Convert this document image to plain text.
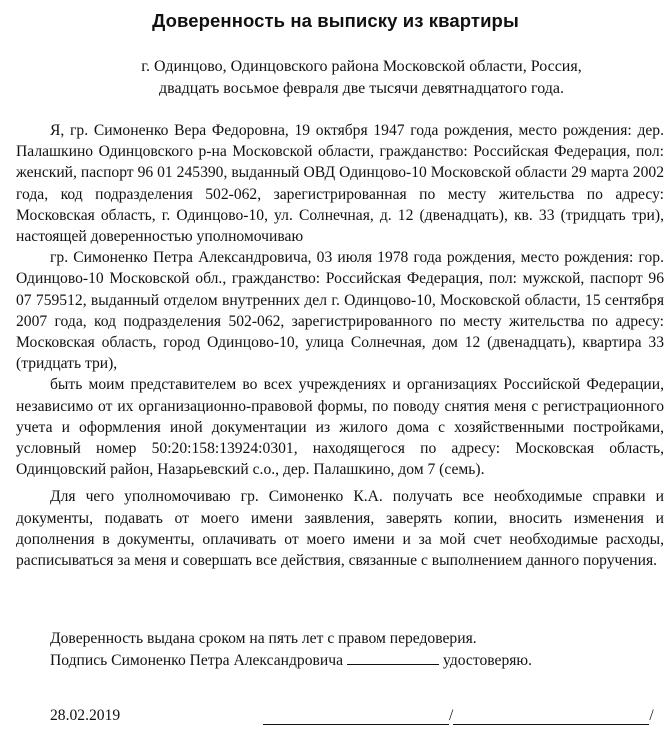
Доверенность на выписку из квартиры
г. Одинцово, Одинцовского района Московской области, Россия,
двадцать восьмое февраля две тысячи девятнадцатого года.

Я, гр. Симоненко Вера Федоровна, 19 октября 1947 года рождения, место рождения: дер. Палашкино Одинцовского р-на Московской области, гражданство: Российская Федерация, пол: женский, паспорт 96 01 245390, выданный ОВД Одинцово-10 Московской области 29 марта 2002 года, код подразделения 502-062, зарегистрированная по месту жительства по адресу: Московская область, г. Одинцово-10, ул. Солнечная, д. 12 (двенадцать), кв. 33 (тридцать три), настоящей доверенностью уполномочиваю

гр. Симоненко Петра Александровича, 03 июля 1978 года рождения, место рождения: гор. Одинцово-10 Московской обл., гражданство: Российская Федерация, пол: мужской, паспорт 96 07 759512, выданный отделом внутренних дел г. Одинцово-10, Московской области, 15 сентября 2007 года, код подразделения 502-062, зарегистрированного по месту жительства по адресу: Московская область, город Одинцово-10, улица Солнечная, дом 12 (двенадцать), квартира 33 (тридцать три),

быть моим представителем во всех учреждениях и организациях Российской Федерации, независимо от их организационно-правовой формы, по поводу снятия меня с регистрационного учета и оформления иной документации из жилого дома с хозяйственными постройками, условный номер 50:20:158:13924:0301, находящегося по адресу: Московская область, Одинцовский район, Назарьевский с.о., дер. Палашкино, дом 7 (семь).

Для чего уполномочиваю гр. Симоненко К.А. получать все необходимые справки и документы, подавать от моего имени заявления, заверять копии, вносить изменения и дополнения в документы, оплачивать от моего имени и за мой счет необходимые расходы, расписываться за меня и совершать все действия, связанные с выполнением данного поручения.

Доверенность выдана сроком на пять лет с правом передоверия.
Подпись Симоненко Петра Александровича	удостоверяю.
28.02.2019	/	/
